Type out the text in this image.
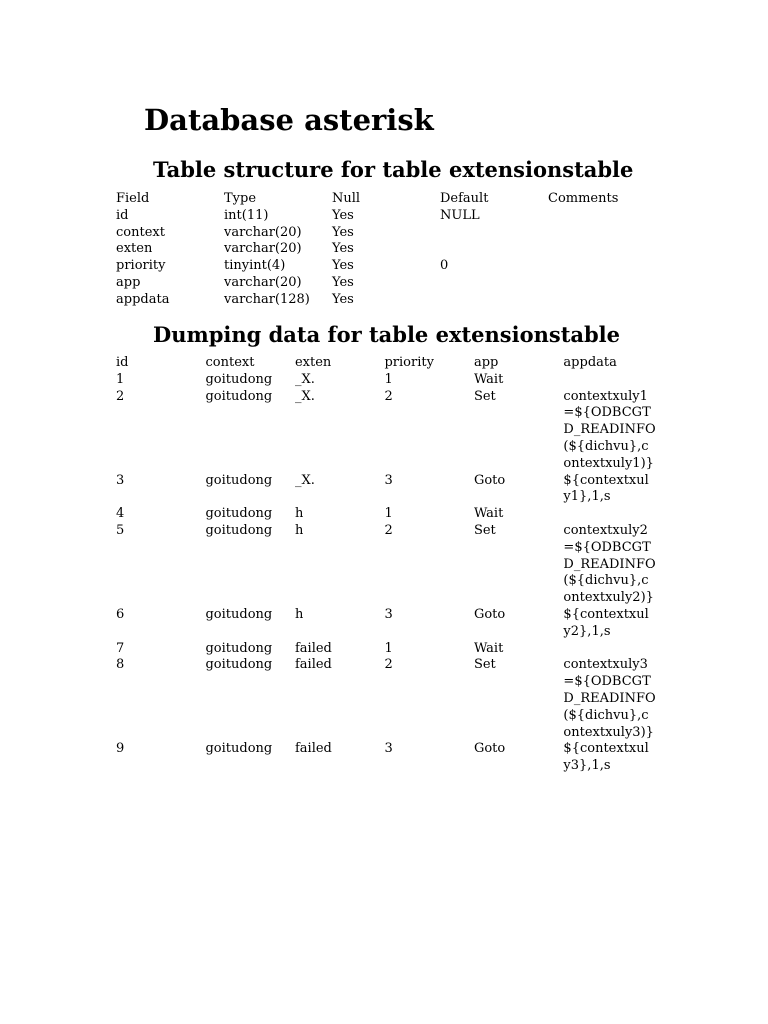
Database asterisk
Table structure for table extensionstable
Field	Type	Null	Default	Comments
id	int(11)	Yes	NULL	
context	varchar(20)	Yes		
exten	varchar(20)	Yes		
priority	tinyint(4)	Yes	0	
app	varchar(20)	Yes		
appdata	varchar(128)	Yes		
Dumping data for table extensionstable
id	context	exten	priority	app	appdata
1	goitudong	_X.	1	Wait	
2	goitudong	_X.	2	Set	contextxuly1=${ODBCGTD_READINFO(${dichvu},contextxuly1)}
3	goitudong	_X.	3	Goto	${contextxuly1},1,s
4	goitudong	h	1	Wait	
5	goitudong	h	2	Set	contextxuly2=${ODBCGTD_READINFO(${dichvu},contextxuly2)}
6	goitudong	h	3	Goto	${contextxuly2},1,s
7	goitudong	failed	1	Wait	
8	goitudong	failed	2	Set	contextxuly3=${ODBCGTD_READINFO(${dichvu},contextxuly3)}
9	goitudong	failed	3	Goto	${contextxuly3},1,s
